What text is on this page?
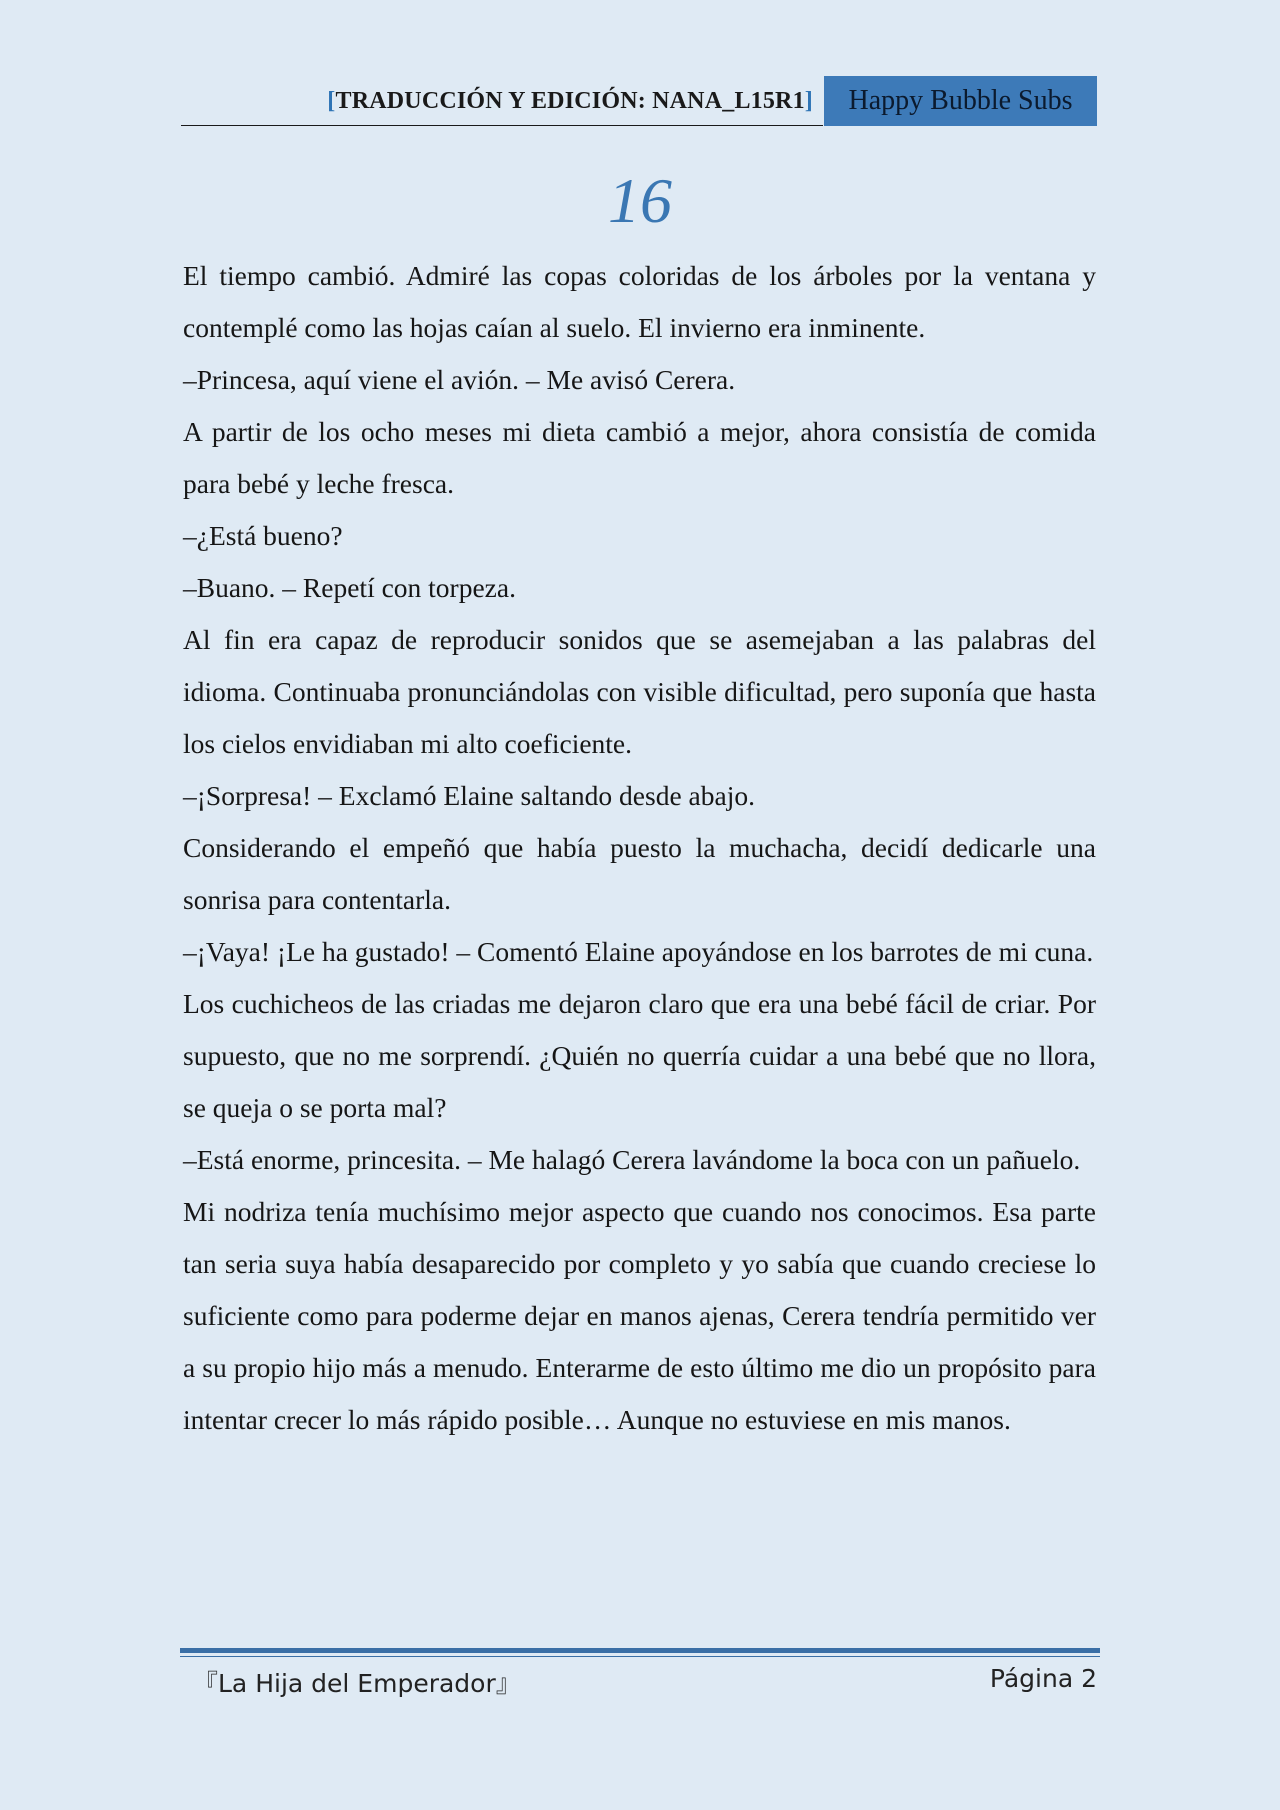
[TRADUCCIÓN Y EDICIÓN: NANA_L15R1]	Happy Bubble Subs
16

El tiempo cambió. Admiré las copas coloridas de los árboles por la ventana y contemplé como las hojas caían al suelo. El invierno era inminente.

–Princesa, aquí viene el avión. – Me avisó Cerera.

A partir de los ocho meses mi dieta cambió a mejor, ahora consistía de comida para bebé y leche fresca.

–¿Está bueno?

–Buano. – Repetí con torpeza.

Al fin era capaz de reproducir sonidos que se asemejaban a las palabras del idioma. Continuaba pronunciándolas con visible dificultad, pero suponía que hasta los cielos envidiaban mi alto coeficiente.

–¡Sorpresa! – Exclamó Elaine saltando desde abajo.

Considerando el empeñó que había puesto la muchacha, decidí dedicarle una sonrisa para contentarla.

–¡Vaya! ¡Le ha gustado! – Comentó Elaine apoyándose en los barrotes de mi cuna.

Los cuchicheos de las criadas me dejaron claro que era una bebé fácil de criar. Por supuesto, que no me sorprendí. ¿Quién no querría cuidar a una bebé que no llora, se queja o se porta mal?

–Está enorme, princesita. – Me halagó Cerera lavándome la boca con un pañuelo.

Mi nodriza tenía muchísimo mejor aspecto que cuando nos conocimos. Esa parte tan seria suya había desaparecido por completo y yo sabía que cuando creciese lo suficiente como para poderme dejar en manos ajenas, Cerera tendría permitido ver a su propio hijo más a menudo. Enterarme de esto último me dio un propósito para intentar crecer lo más rápido posible… Aunque no estuviese en mis manos.

『La Hija del Emperador』	Página 2
